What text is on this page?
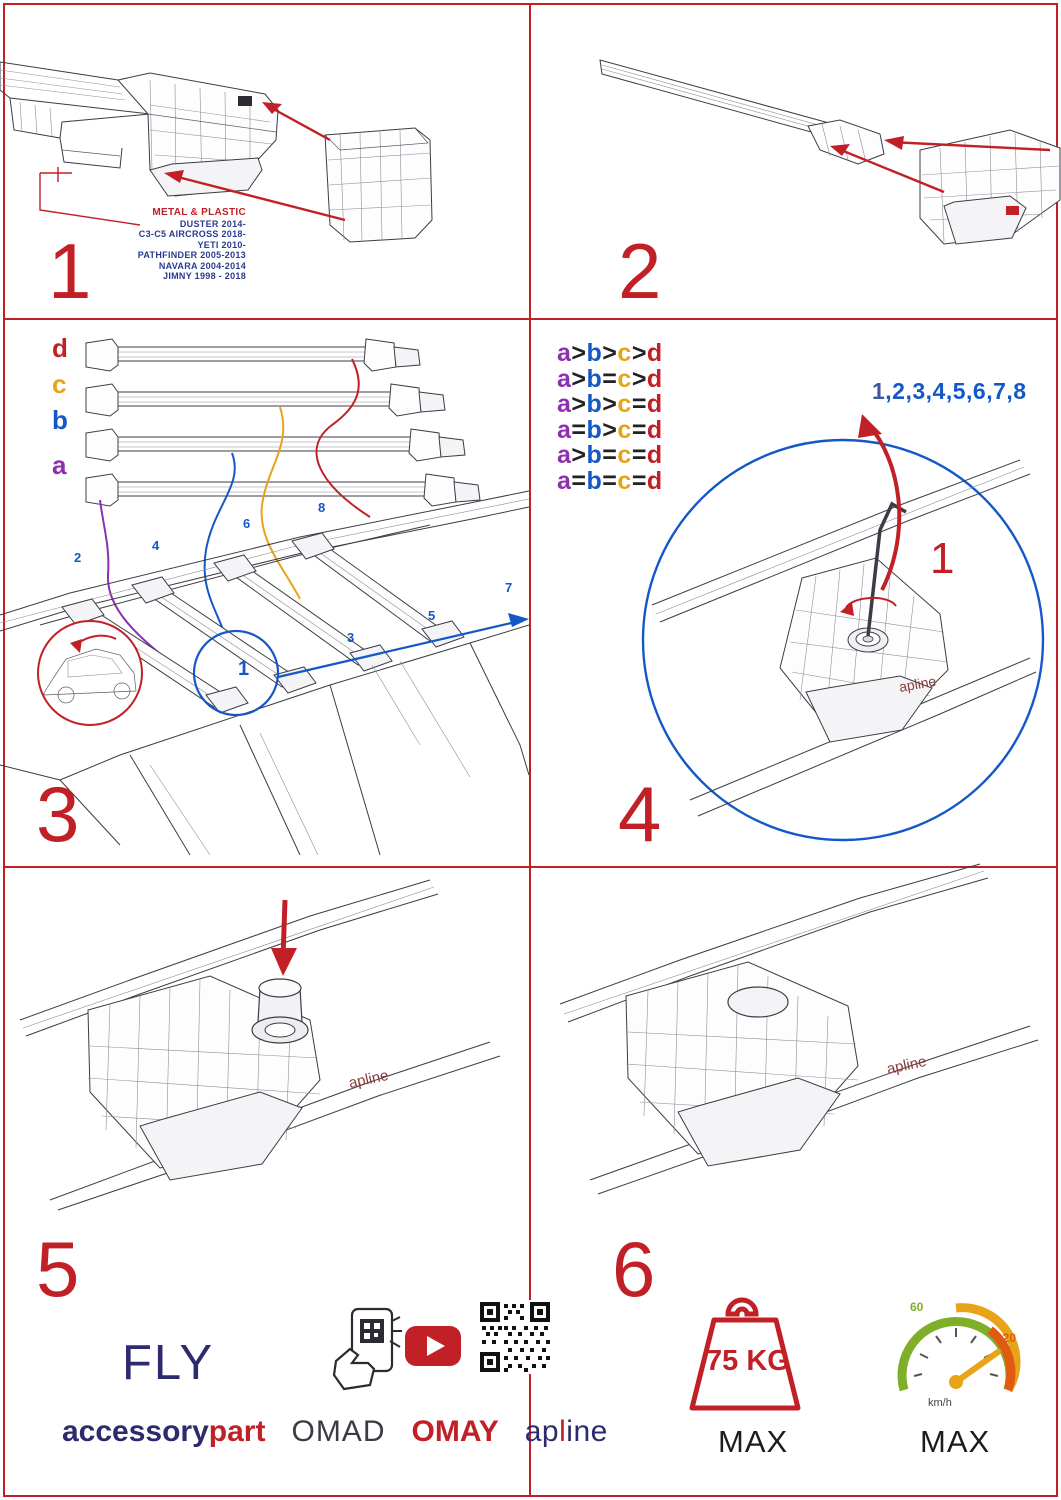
METAL & PLASTIC
DUSTER 2014-
C3-C5 AIRCROSS 2018-
YETI 2010-
PATHFINDER 2005-2013
NAVARA 2004-2014
JIMNY 1998 - 2018
1	2
d
c
b
a
2
4
6
8
7
5
3
1
a>b>c>d
a>b=c>d
a>b>c=d
a=b>c=d
a>b=c=d
a=b=c=d
3
1,2,3,4,5,6,7,8
apline
1
4
apline
apline
5
FLY
accessorypart OMAD OMAY apline
6
75 KG
MAX
60
120
km/h
MAX
